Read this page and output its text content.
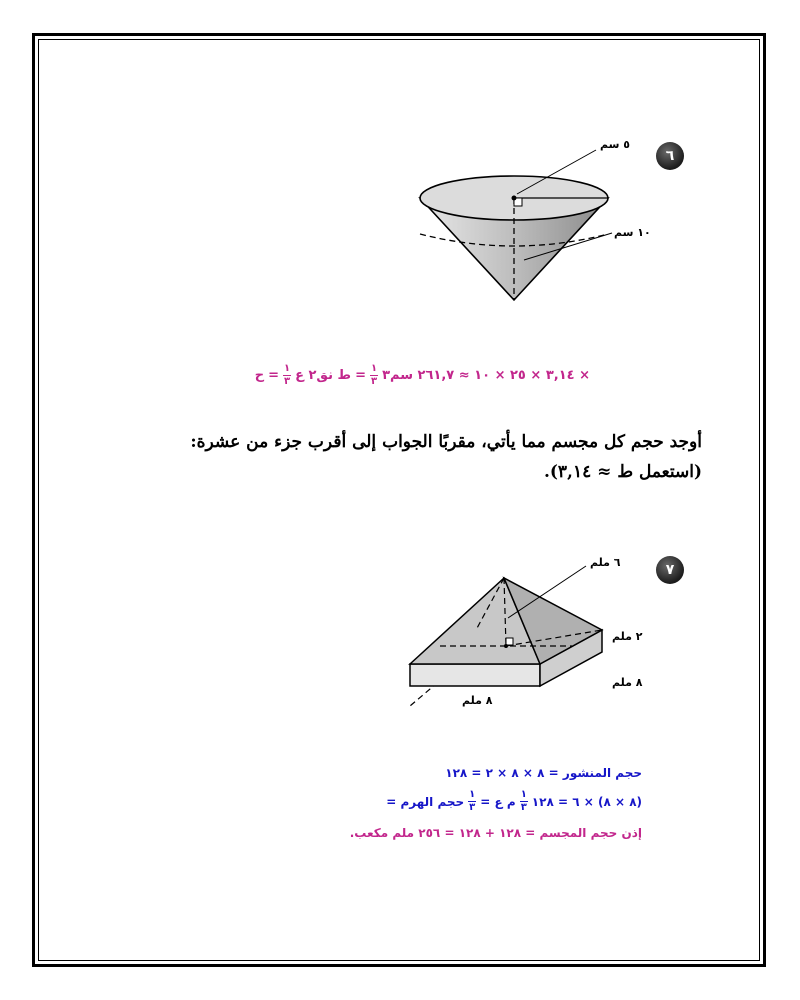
٦
٥ سم
١٠ سم
ح = $\frac{١}{٣}$ ط نق٢ ع = $\frac{١}{٣}$ × ٣,١٤ × ٢٥ × ١٠ ≈ ٢٦١,٧ سم٣
أوجد حجم كل مجسم مما يأتي، مقربًا الجواب إلى أقرب جزء من عشرة:
(استعمل ط ≈ ٣,١٤).
٧
٦ ملم
٢ ملم
٨ ملم
٨ ملم
حجم المنشور = ٨ × ٨ × ٢ = ١٢٨
حجم الهرم = $\frac{١}{٣}$ م ع = $\frac{١}{٣}$ (٨ × ٨) × ٦ = ١٢٨
إذن حجم المجسم = ١٢٨ + ١٢٨ = ٢٥٦ ملم مكعب.
